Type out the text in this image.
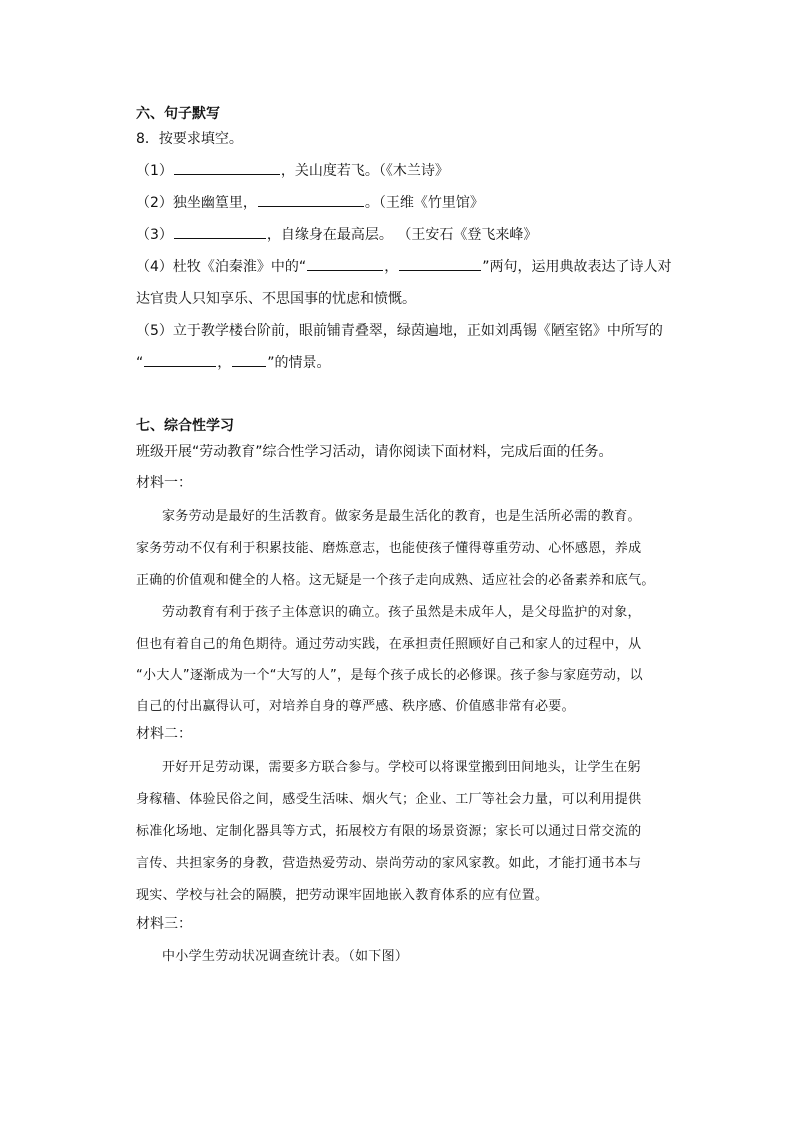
六、句子默写
8．按要求填空。
（1）	，关山度若飞。（《木兰诗》
（2）独坐幽篁里，	。（王维《竹里馆》
（3）	，自缘身在最高层。 （王安石《登飞来峰》
（4）杜牧《泊秦淮》中的“	，	”两句，运用典故表达了诗人对
达官贵人只知享乐、不思国事的忧虑和愤慨。
（5）立于教学楼台阶前，眼前铺青叠翠，绿茵遍地，正如刘禹锡《陋室铭》中所写的
“	，	”的情景。
七、综合性学习
班级开展“劳动教育”综合性学习活动，请你阅读下面材料，完成后面的任务。
材料一：
家务劳动是最好的生活教育。做家务是最生活化的教育，也是生活所必需的教育。
家务劳动不仅有利于积累技能、磨炼意志，也能使孩子懂得尊重劳动、心怀感恩，养成
正确的价值观和健全的人格。这无疑是一个孩子走向成熟、适应社会的必备素养和底气。
劳动教育有利于孩子主体意识的确立。孩子虽然是未成年人，是父母监护的对象，
但也有着自己的角色期待。通过劳动实践，在承担责任照顾好自己和家人的过程中，从
“小大人”逐渐成为一个“大写的人”，是每个孩子成长的必修课。孩子参与家庭劳动，以
自己的付出赢得认可，对培养自身的尊严感、秩序感、价值感非常有必要。
材料二：
开好开足劳动课，需要多方联合参与。学校可以将课堂搬到田间地头，让学生在躬
身稼穑、体验民俗之间，感受生活味、烟火气；企业、工厂等社会力量，可以利用提供
标准化场地、定制化器具等方式，拓展校方有限的场景资源；家长可以通过日常交流的
言传、共担家务的身教，营造热爱劳动、崇尚劳动的家风家教。如此，才能打通书本与
现实、学校与社会的隔膜，把劳动课牢固地嵌入教育体系的应有位置。
材料三：
中小学生劳动状况调查统计表。（如下图）
